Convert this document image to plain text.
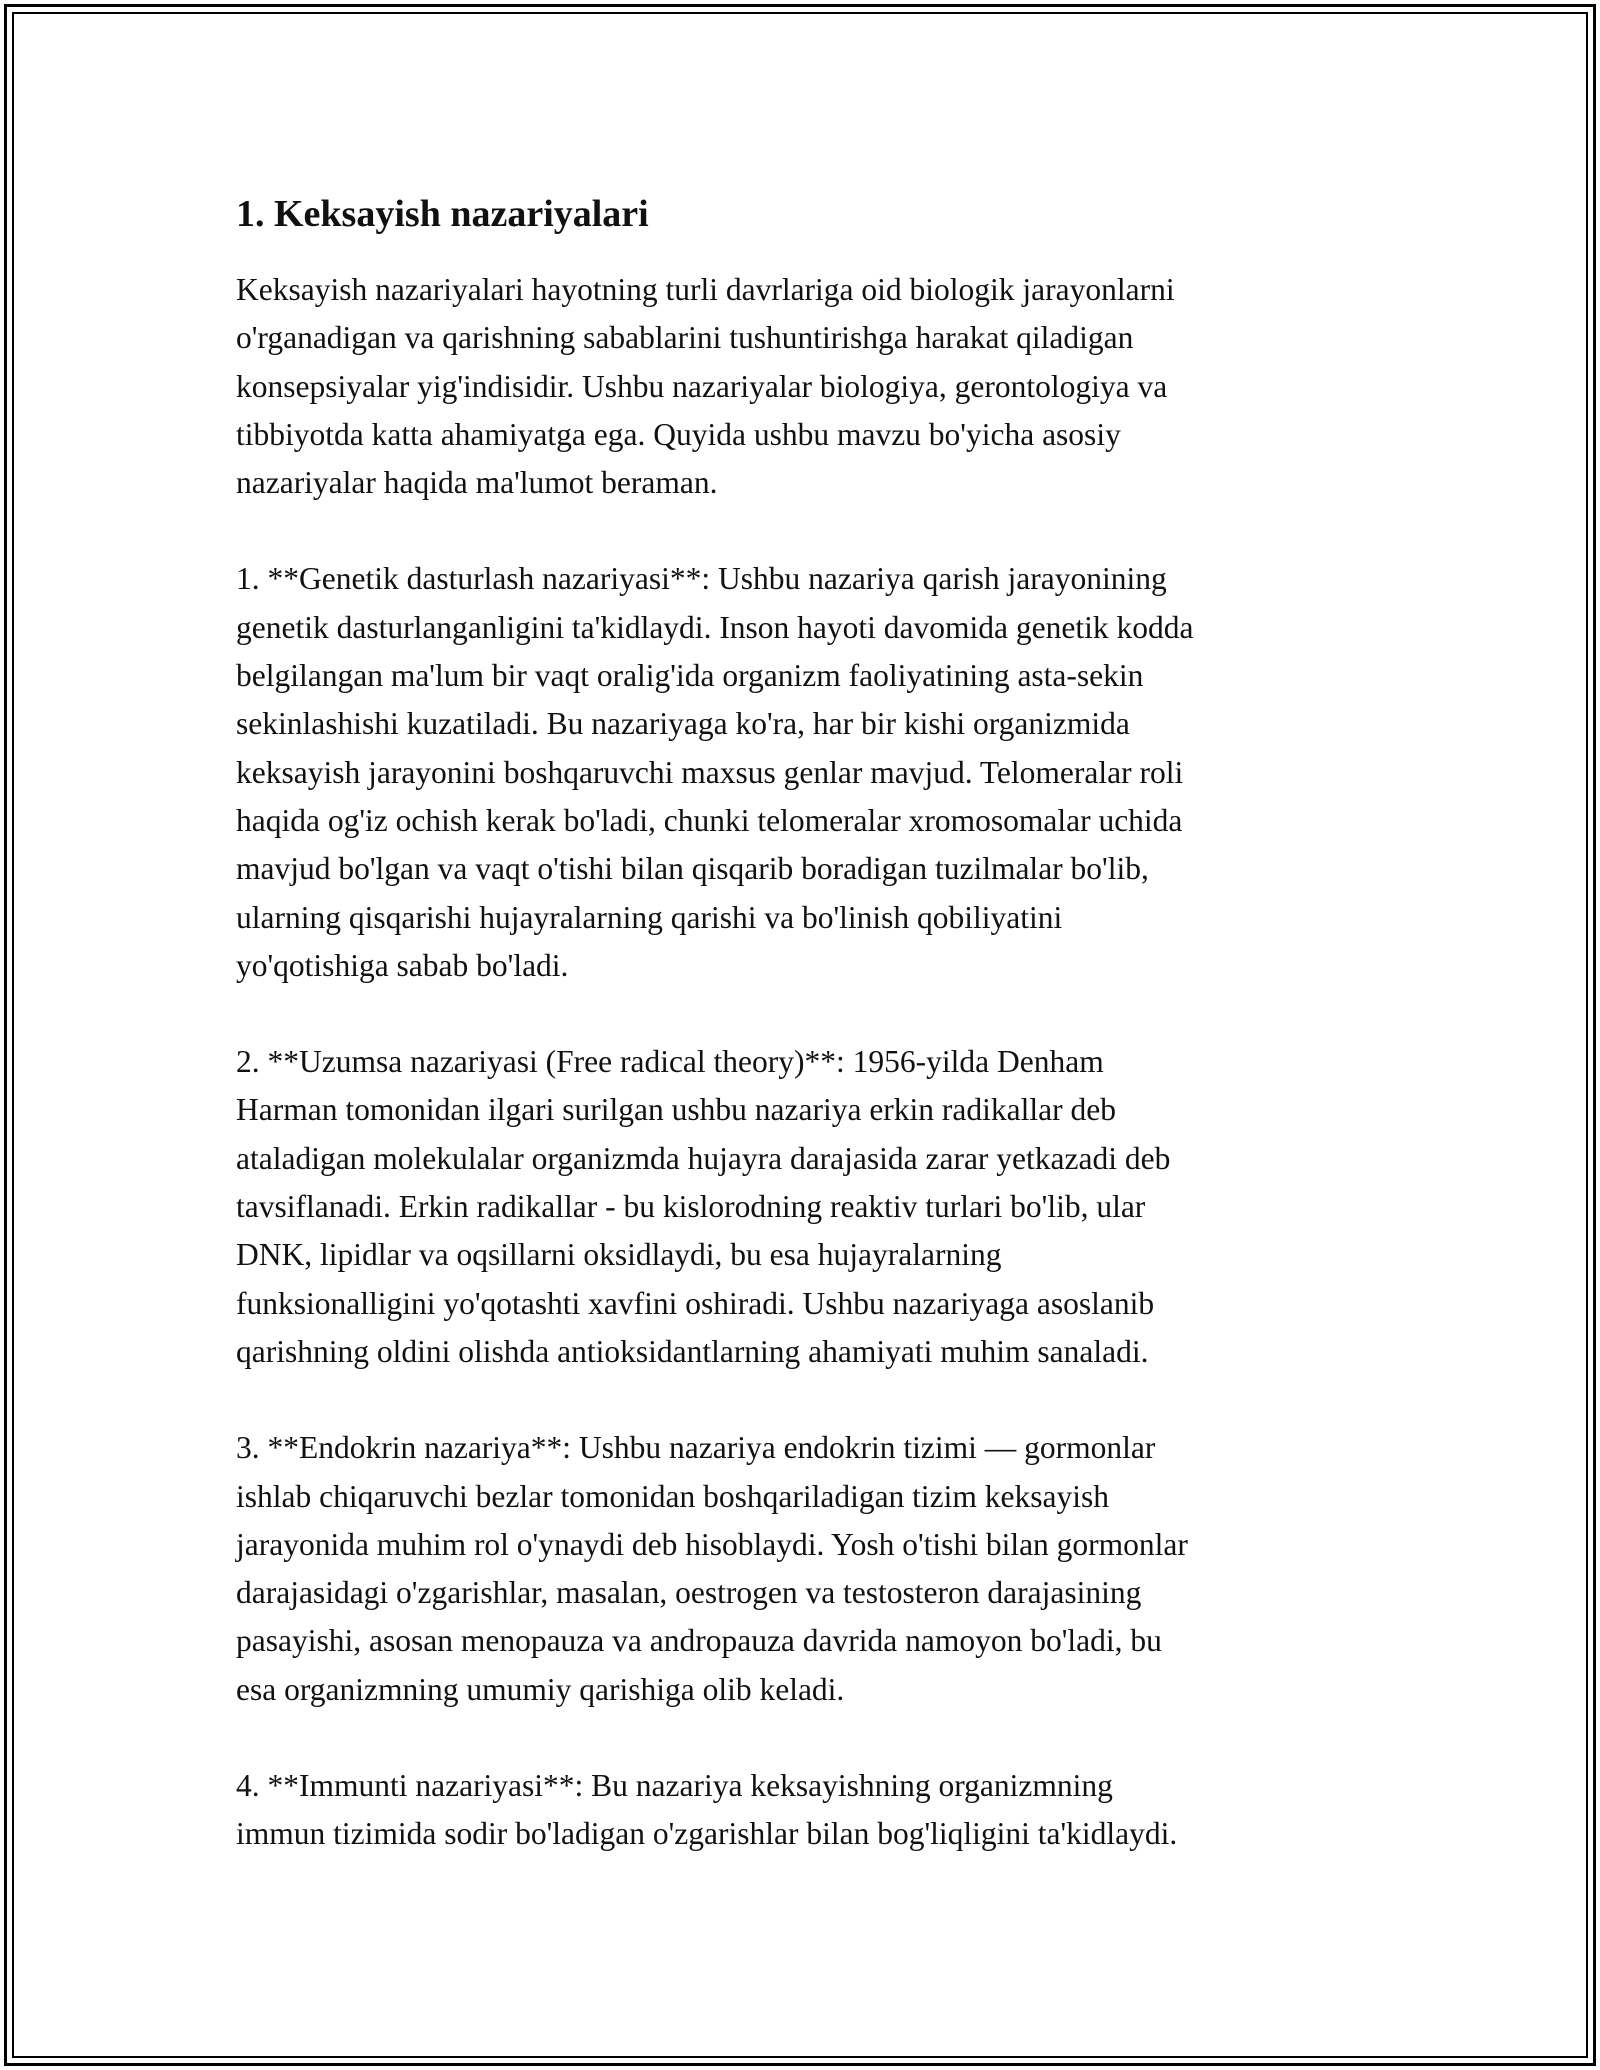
1. Keksayish nazariyalari

Keksayish nazariyalari hayotning turli davrlariga oid biologik jarayonlarni
o'rganadigan va qarishning sabablarini tushuntirishga harakat qiladigan
konsepsiyalar yig'indisidir. Ushbu nazariyalar biologiya, gerontologiya va
tibbiyotda katta ahamiyatga ega. Quyida ushbu mavzu bo'yicha asosiy
nazariyalar haqida ma'lumot beraman.

1. **Genetik dasturlash nazariyasi**: Ushbu nazariya qarish jarayonining
genetik dasturlanganligini ta'kidlaydi. Inson hayoti davomida genetik kodda
belgilangan ma'lum bir vaqt oralig'ida organizm faoliyatining asta-sekin
sekinlashishi kuzatiladi. Bu nazariyaga ko'ra, har bir kishi organizmida
keksayish jarayonini boshqaruvchi maxsus genlar mavjud. Telomeralar roli
haqida og'iz ochish kerak bo'ladi, chunki telomeralar xromosomalar uchida
mavjud bo'lgan va vaqt o'tishi bilan qisqarib boradigan tuzilmalar bo'lib,
ularning qisqarishi hujayralarning qarishi va bo'linish qobiliyatini
yo'qotishiga sabab bo'ladi.

2. **Uzumsa nazariyasi (Free radical theory)**: 1956-yilda Denham
Harman tomonidan ilgari surilgan ushbu nazariya erkin radikallar deb
ataladigan molekulalar organizmda hujayra darajasida zarar yetkazadi deb
tavsiflanadi. Erkin radikallar - bu kislorodning reaktiv turlari bo'lib, ular
DNK, lipidlar va oqsillarni oksidlaydi, bu esa hujayralarning
funksionalligini yo'qotashti xavfini oshiradi. Ushbu nazariyaga asoslanib
qarishning oldini olishda antioksidantlarning ahamiyati muhim sanaladi.

3. **Endokrin nazariya**: Ushbu nazariya endokrin tizimi — gormonlar
ishlab chiqaruvchi bezlar tomonidan boshqariladigan tizim keksayish
jarayonida muhim rol o'ynaydi deb hisoblaydi. Yosh o'tishi bilan gormonlar
darajasidagi o'zgarishlar, masalan, oestrogen va testosteron darajasining
pasayishi, asosan menopauza va andropauza davrida namoyon bo'ladi, bu
esa organizmning umumiy qarishiga olib keladi.

4. **Immunti nazariyasi**: Bu nazariya keksayishning organizmning
immun tizimida sodir bo'ladigan o'zgarishlar bilan bog'liqligini ta'kidlaydi.
